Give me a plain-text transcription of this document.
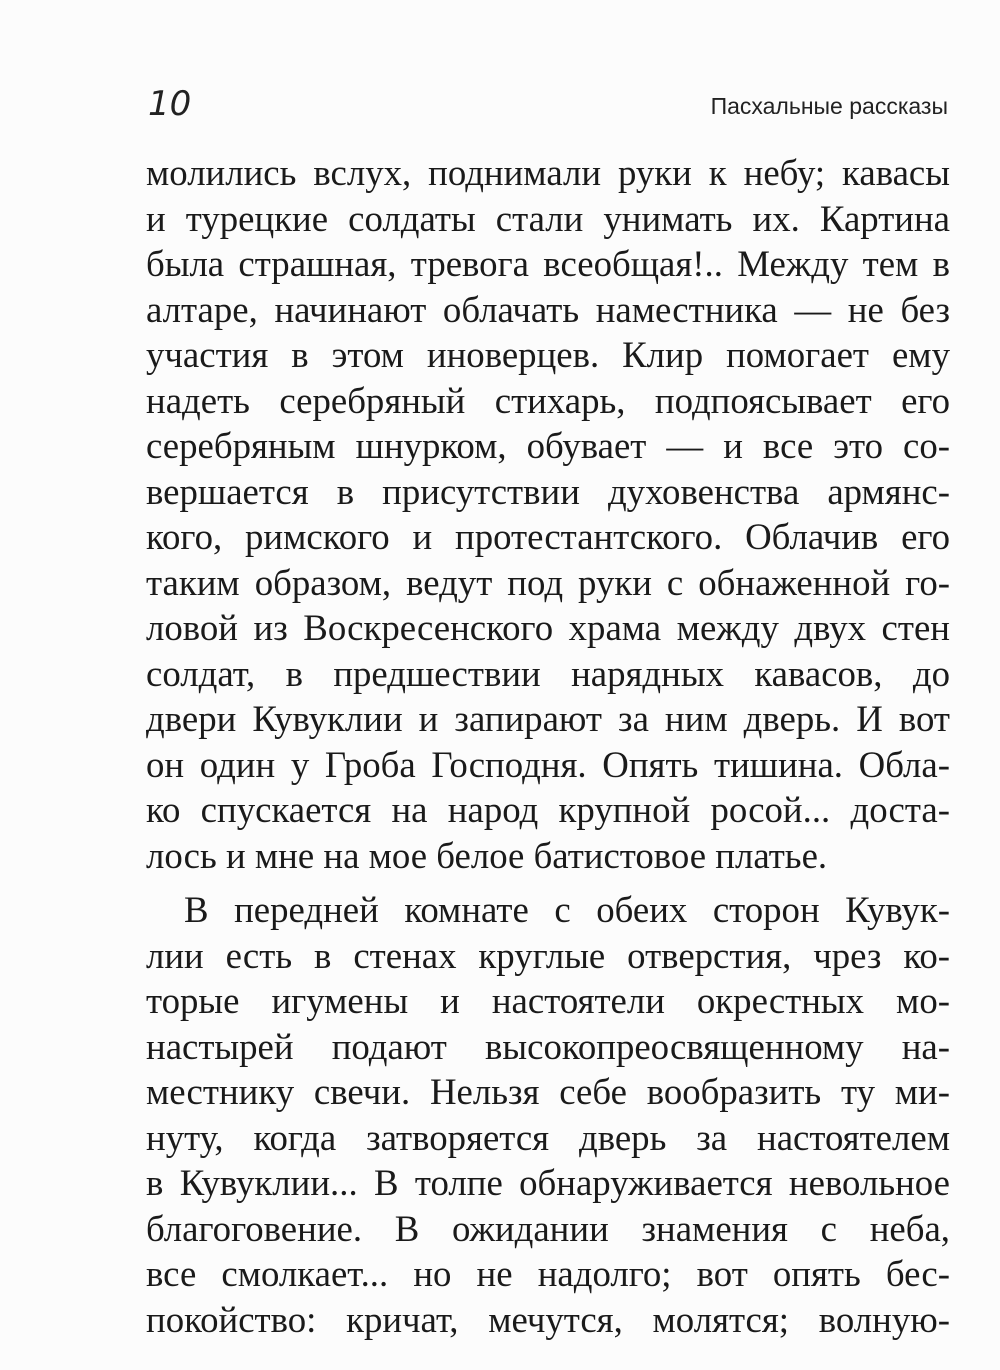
10	Пасхальные рассказы
молились вслух, поднимали руки к небу; кавасы
и турецкие солдаты стали унимать их. Картина
была страшная, тревога всеобщая!.. Между тем в
алтаре, начинают облачать наместника — не без
участия в этом иноверцев. Клир помогает ему
надеть серебряный стихарь, подпоясывает его
серебряным шнурком, обувает — и все это со-
вершается в присутствии духовенства армянс-
кого, римского и протестантского. Облачив его
таким образом, ведут под руки с обнаженной го-
ловой из Воскресенского храма между двух стен
солдат, в предшествии нарядных кавасов, до
двери Кувуклии и запирают за ним дверь. И вот
он один у Гроба Господня. Опять тишина. Обла-
ко спускается на народ крупной росой... доста-
лось и мне на мое белое батистовое платье.
В передней комнате с обеих сторон Кувук-
лии есть в стенах круглые отверстия, чрез ко-
торые игумены и настоятели окрестных мо-
настырей подают высокопреосвященному на-
местнику свечи. Нельзя себе вообразить ту ми-
нуту, когда затворяется дверь за настоятелем
в Кувуклии... В толпе обнаруживается невольное
благоговение. В ожидании знамения с неба,
все смолкает... но не надолго; вот опять бес-
покойство: кричат, мечутся, молятся; волную-
